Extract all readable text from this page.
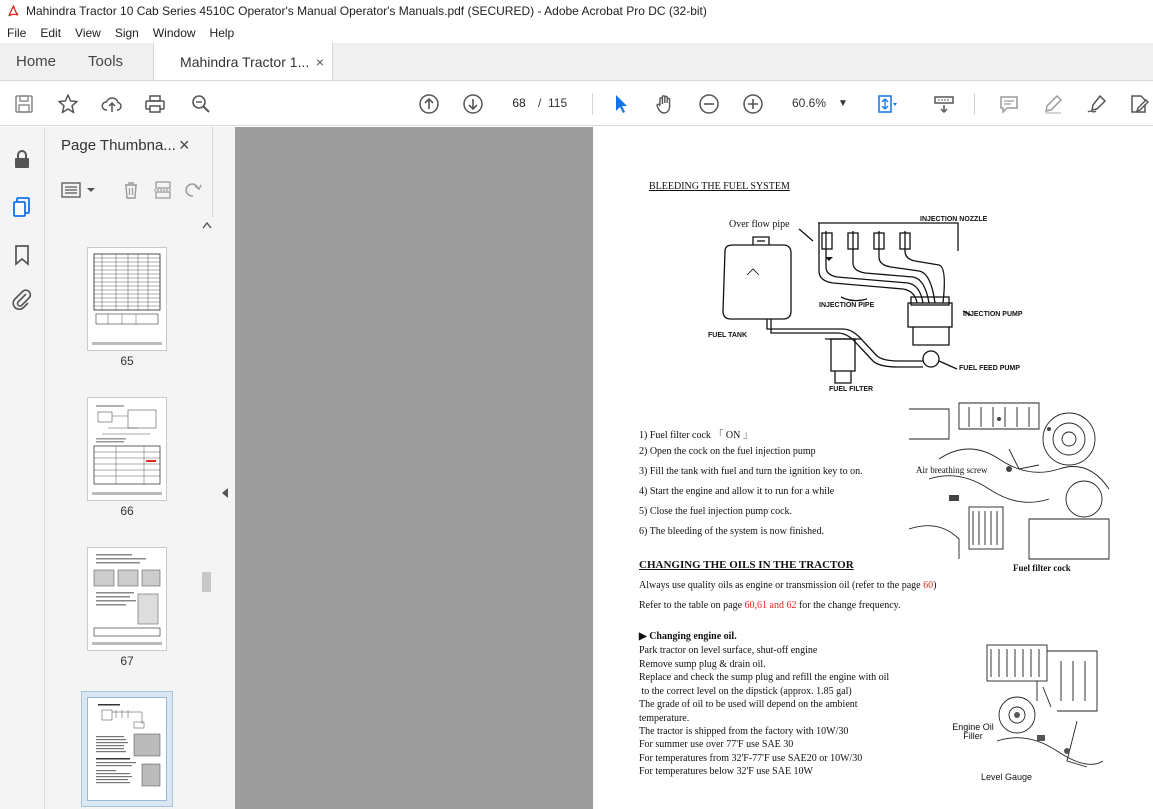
Mahindra Tractor 10 Cab Series 4510C Operator's Manual Operator's Manuals.pdf (SECURED) - Adobe Acrobat Pro DC (32-bit)
File	Edit	View	Sign	Window	Help
Home	Tools	Mahindra Tractor 1... ×
68	/
115	60.6% ▼
Page Thumbna... ×
65
66
67
BLEEDING THE FUEL SYSTEM
Over flow pipe	INJECTION NOZZLE
INJECTION PIPE
INJECTION PUMP
FUEL TANK
FUEL FEED PUMP
FUEL FILTER
Air breathing screw
Fuel filter cock
1) Fuel filter cock 「 ON 」
2) Open the cock on the fuel injection pump
3) Fill the tank with fuel and turn the ignition key to on.
4) Start the engine and allow it to run for a while
5) Close the fuel injection pump cock.
6) The bleeding of the system is now finished.
CHANGING THE OILS IN THE TRACTOR
Always use quality oils as engine or transmission oil (refer to the page 60)
Refer to the table on page 60,61 and 62 for the change frequency.
▶ Changing engine oil.
Park tractor on level surface, shut-off engine
Remove sump plug & drain oil.
Replace and check the sump plug and refill the engine with oil
to the correct level on the dipstick (approx. 1.85 gal)
The grade of oil to be used will depend on the ambient
temperature.
The tractor is shipped from the factory with 10W/30
For summer use over 77'F use SAE 30
For temperatures from 32'F-77'F use SAE20 or 10W/30
For temperatures below 32'F use SAE 10W
Engine Oil Filler
Level Gauge
